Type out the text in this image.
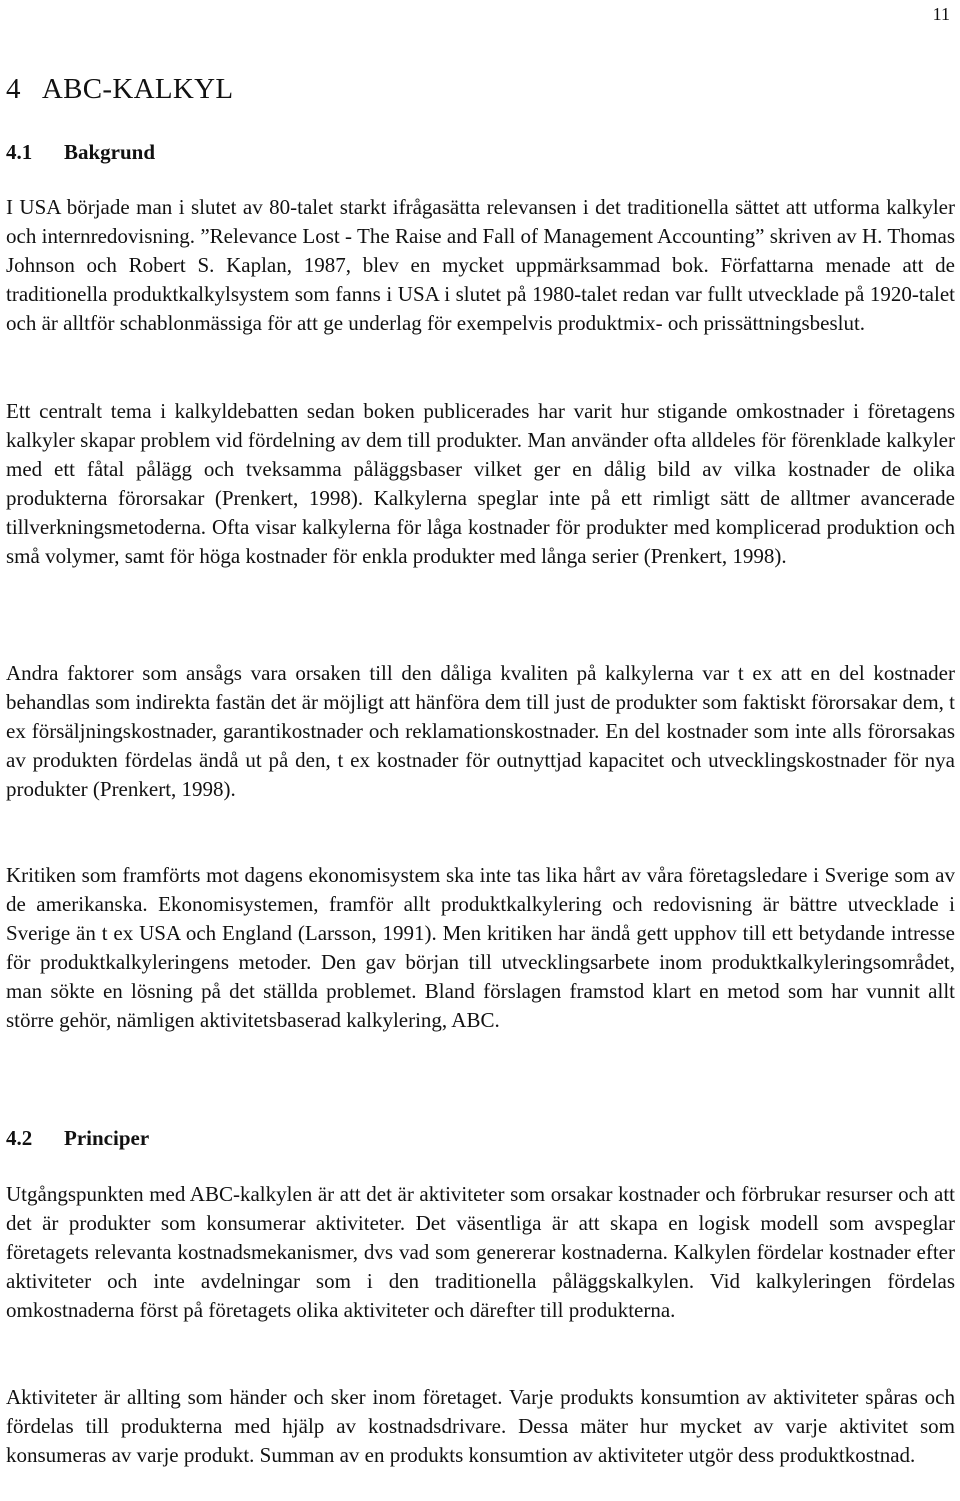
11
4   ABC-KALKYL
4.1 Bakgrund

I USA började man i slutet av 80-talet starkt ifrågasätta relevansen i det traditionella sättet att utforma kalkyler och internredovisning. ”Relevance Lost - The Raise and Fall of Management Accounting” skriven av H. Thomas Johnson och Robert S. Kaplan, 1987, blev en mycket uppmärksammad bok. Författarna menade att de traditionella produktkalkylsystem som fanns i USA i slutet på 1980-talet redan var fullt utvecklade på 1920-talet och är alltför schablonmässiga för att ge underlag för exempelvis produktmix- och prissättningsbeslut.

Ett centralt tema i kalkyldebatten sedan boken publicerades har varit hur stigande omkostnader i företagens kalkyler skapar problem vid fördelning av dem till produkter. Man använder ofta alldeles för förenklade kalkyler med ett fåtal pålägg och tveksamma påläggsbaser vilket ger en dålig bild av vilka kostnader de olika produkterna förorsakar (Prenkert, 1998). Kalkylerna speglar inte på ett rimligt sätt de alltmer avancerade tillverkningsmetoderna. Ofta visar kalkylerna för låga kostnader för produkter med komplicerad produktion och små volymer, samt för höga kostnader för enkla produkter med långa serier (Prenkert, 1998).

Andra faktorer som ansågs vara orsaken till den dåliga kvaliten på kalkylerna var t ex att en del kostnader behandlas som indirekta fastän det är möjligt att hänföra dem till just de produkter som faktiskt förorsakar dem, t ex försäljningskostnader, garantikostnader och reklamationskostnader. En del kostnader som inte alls förorsakas av produkten fördelas ändå ut på den, t ex kostnader för outnyttjad kapacitet och utvecklingskostnader för nya produkter (Prenkert, 1998).

Kritiken som framförts mot dagens ekonomisystem ska inte tas lika hårt av våra företagsledare i Sverige som av de amerikanska. Ekonomisystemen, framför allt produktkalkylering och redovisning är bättre utvecklade i Sverige än t ex USA och England (Larsson, 1991). Men kritiken har ändå gett upphov till ett betydande intresse för produktkalkyleringens metoder. Den gav början till utvecklingsarbete inom produktkalkyleringsområdet, man sökte en lösning på det ställda problemet. Bland förslagen framstod klart en metod som har vunnit allt större gehör, nämligen aktivitetsbaserad kalkylering, ABC.

4.2 Principer

Utgångspunkten med ABC-kalkylen är att det är aktiviteter som orsakar kostnader och förbrukar resurser och att det är produkter som konsumerar aktiviteter. Det väsentliga är att skapa en logisk modell som avspeglar företagets relevanta kostnadsmekanismer, dvs vad som genererar kostnaderna. Kalkylen fördelar kostnader efter aktiviteter och inte avdelningar som i den traditionella påläggskalkylen. Vid kalkyleringen fördelas omkostnaderna först på företagets olika aktiviteter och därefter till produkterna.

Aktiviteter är allting som händer och sker inom företaget. Varje produkts konsumtion av aktiviteter spåras och fördelas till produkterna med hjälp av kostnadsdrivare. Dessa mäter hur mycket av varje aktivitet som konsumeras av varje produkt. Summan av en produkts konsumtion av aktiviteter utgör dess produktkostnad.
